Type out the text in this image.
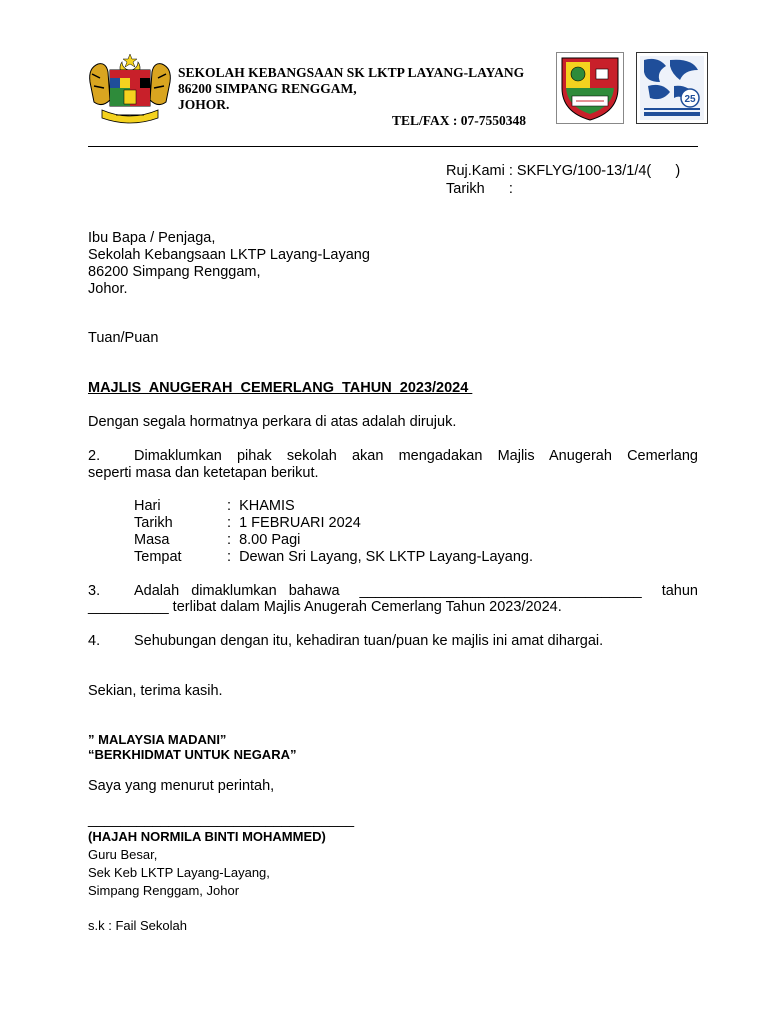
SEKOLAH KEBANGSAAN SK LKTP LAYANG-LAYANG
86200 SIMPANG RENGGAM,
JOHOR.
TEL/FAX : 07-7550348
25
Ruj.Kami : SKFLYG/100-13/1/4(      )
Tarikh      :
Ibu Bapa / Penjaga,
Sekolah Kebangsaan LKTP Layang-Layang
86200 Simpang Renggam,
Johor.
Tuan/Puan
MAJLIS  ANUGERAH  CEMERLANG  TAHUN  2023/2024
Dengan segala hormatnya perkara di atas adalah dirujuk.
2. Dimaklumkan pihak sekolah akan mengadakan Majlis Anugerah Cemerlang
seperti masa dan ketetapan berikut.
Hari	:  KHAMIS
Tarikh	:  1 FEBRUARI 2024
Masa	:  8.00 Pagi
Tempat	:  Dewan Sri Layang, SK LKTP Layang-Layang.
3. Adalah   dimaklumkan   bahawa ___________________________________ tahun
__________ terlibat dalam Majlis Anugerah Cemerlang Tahun 2023/2024.
4. Sehubungan dengan itu, kehadiran tuan/puan ke majlis ini amat dihargai.
Sekian, terima kasih.
” MALAYSIA MADANI”
“BERKHIDMAT UNTUK NEGARA”
Saya yang menurut perintah,
_________________________________
(HAJAH NORMILA BINTI MOHAMMED)
Guru Besar,
Sek Keb LKTP Layang-Layang,
Simpang Renggam, Johor
s.k : Fail Sekolah
